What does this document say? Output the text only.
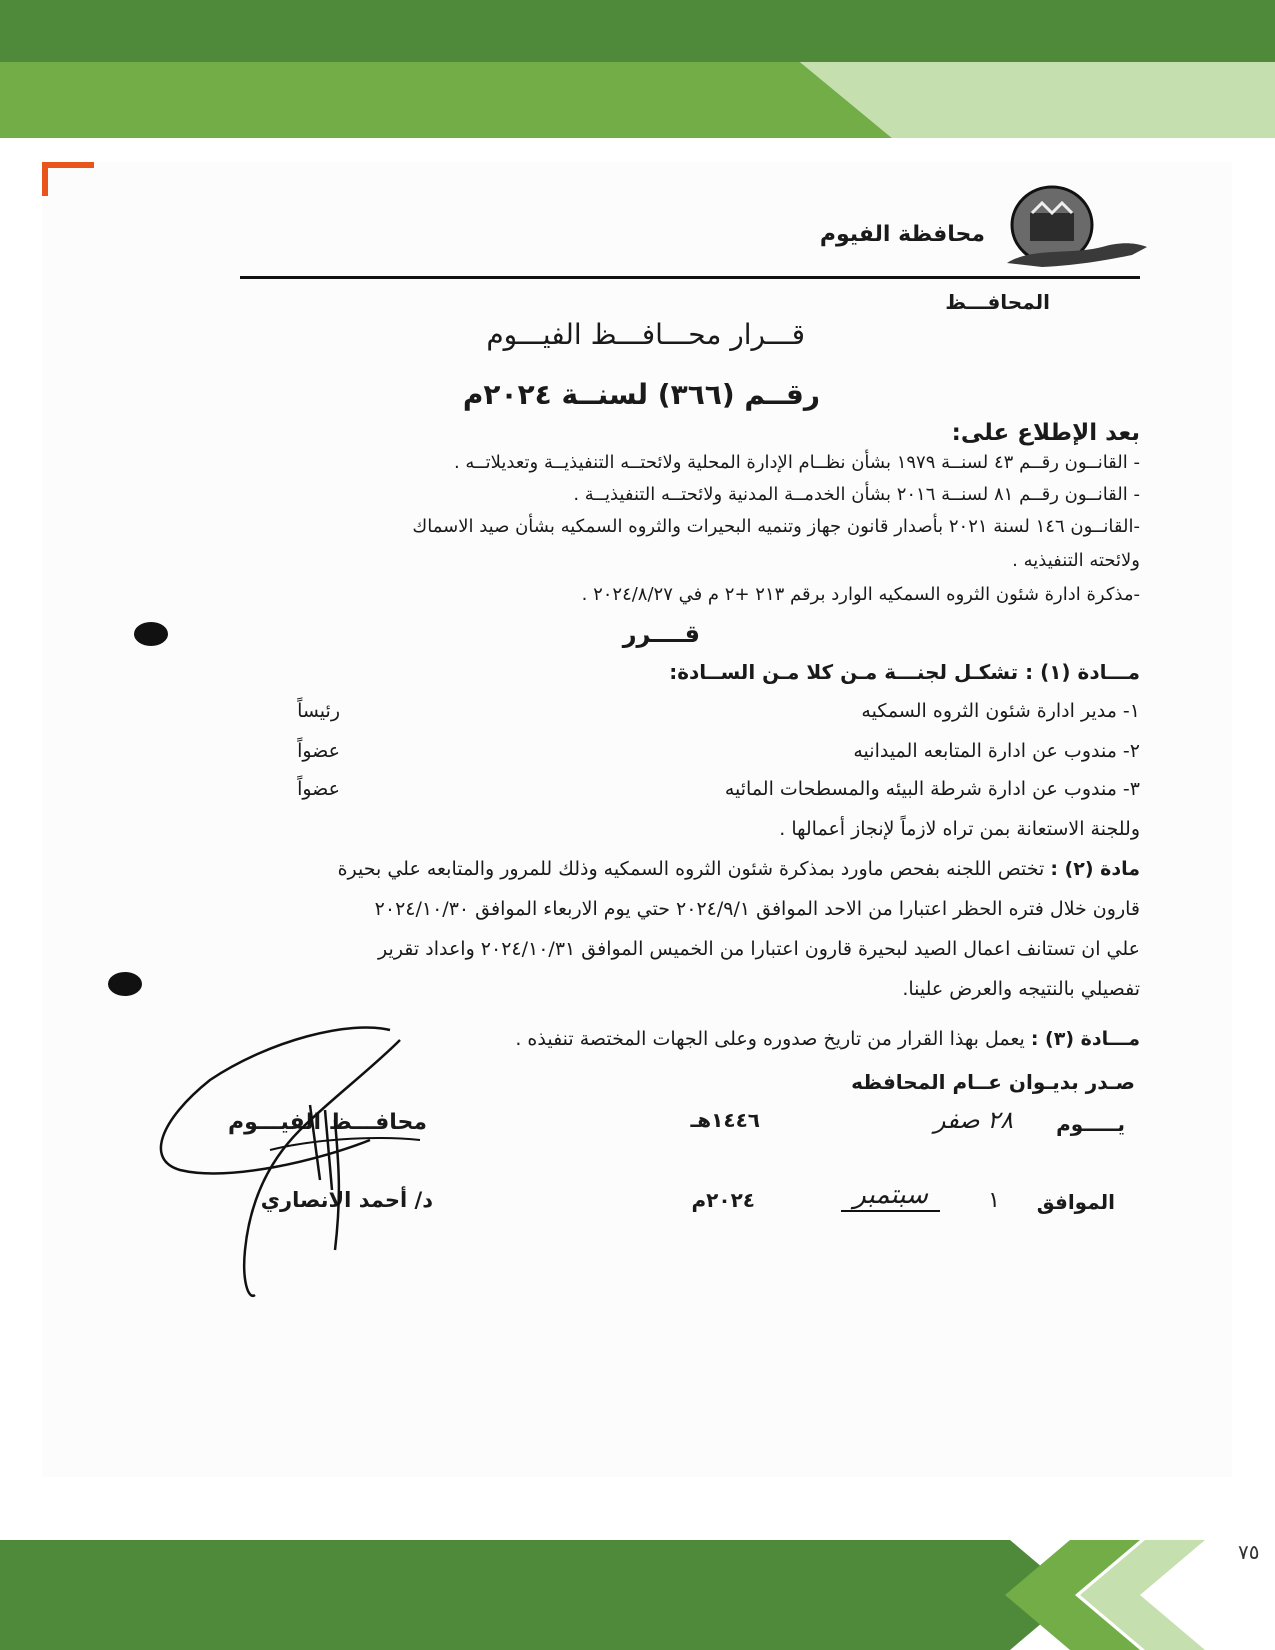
٧٥
محافظة الفيوم
المحافـــظ
قـــرار محـــافـــظ الفيـــوم
رقــم (٣٦٦) لسنــة ٢٠٢٤م
بعد الإطلاع على:
- القانــون رقــم ٤٣ لسنــة ١٩٧٩ بشأن نظــام الإدارة المحلية ولائحتــه التنفيذيــة وتعديلاتــه .
- القانــون رقــم ٨١ لسنــة ٢٠١٦ بشأن الخدمــة المدنية ولائحتــه التنفيذيــة .
-القانــون ١٤٦ لسنة ٢٠٢١ بأصدار قانون جهاز وتنميه البحيرات والثروه السمكيه بشأن صيد الاسماك
ولائحته التنفيذيه .
-مذكرة ادارة شئون الثروه السمكيه الوارد برقم ٢١٣ +٢ م في ٢٠٢٤/٨/٢٧ .
قــــرر
مـــادة (١) : تشكـل لجنـــة مـن كلا مـن الســادة:
١- مدير ادارة شئون الثروه السمكيه
رئيساً
٢- مندوب عن ادارة المتابعه الميدانيه
عضواً
٣- مندوب عن ادارة شرطة البيئه والمسطحات المائيه
عضواً
وللجنة الاستعانة بمن تراه لازماً لإنجاز أعمالها .
مادة (٢) : تختص اللجنه بفحص ماورد بمذكرة شئون الثروه السمكيه وذلك للمرور والمتابعه علي بحيرة
قارون خلال فتره الحظر اعتبارا من الاحد الموافق ٢٠٢٤/٩/١ حتي يوم الاربعاء الموافق ٢٠٢٤/١٠/٣٠
علي ان تستانف اعمال الصيد لبحيرة قارون اعتبارا من الخميس الموافق ٢٠٢٤/١٠/٣١ واعداد تقرير
تفصيلي بالنتيجه والعرض علينا.
مـــادة (٣) : يعمل بهذا القرار من تاريخ صدوره وعلى الجهات المختصة تنفيذه .
صـدر بديـوان عــام المحافظه
يـــــوم
٢٨ صفر
١٤٤٦هـ
الموافق
١
سبتمبر
٢٠٢٤م
محافـــظ الفيـــوم
د/ أحمد الانصاري
